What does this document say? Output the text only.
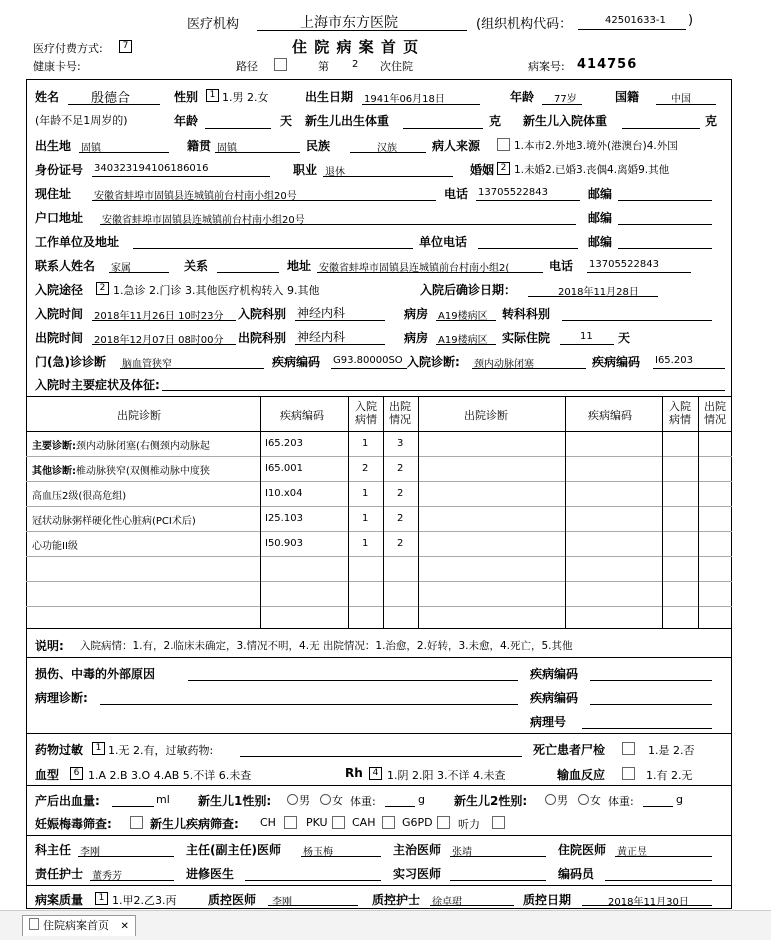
医疗机构	上海市东方医院	(组织机构代码：	42501633-1 )
住 院 病 案 首 页
医疗付费方式:	7
健康卡号:	路径	第 2 次住院	病案号: 414756
姓名 殷德合	性别	1 1.男 2.女	出生日期 1941年06月18日	年龄 77岁	国籍	中国
(年龄不足1周岁的)	年龄	天 新生儿出生体重	克 新生儿入院体重	克
出生地 固镇	籍贯 固镇	民族	汉族	病人来源	1.本市2.外地3.境外(港澳台)4.外国
身份证号 340323194106186016	职业 退休	婚姻 2 1.未婚2.已婚3.丧偶4.离婚9.其他
现住址 安徽省蚌埠市固镇县连城镇前台村南小组20号	电话 13705522843	邮编
户口地址 安徽省蚌埠市固镇县连城镇前台村南小组20号	邮编
工作单位及地址	单位电话	邮编
联系人姓名 家属	关系	地址 安徽省蚌埠市固镇县连城镇前台村南小组2(	电话 13705522843
入院途径	2 1.急诊 2.门诊 3.其他医疗机构转入 9.其他	入院后确诊日期：	2018年11月28日
入院时间 2018年11月26日 10时23分 入院科别 神经内科	病房 A19楼病区 转科科别
出院时间 2018年12月07日 08时00分 出院科别 神经内科	病房 A19楼病区 实际住院	11 天
门(急)诊诊断 脑血管狭窄	疾病编码 G93.80000SO 入院诊断: 颈内动脉闭塞	疾病编码 I65.203
入院时主要症状及体征:
出院诊断	疾病编码
入院病情
出院情况	出院诊断	疾病编码
入院病情
出院情况
主要诊断:颈内动脉闭塞(右侧颈内动脉起	I65.203	1	3
其他诊断:椎动脉狭窄(双侧椎动脉中度狭	I65.001	2	2
高血压2级(很高危组)	I10.x04	1	2
冠状动脉粥样硬化性心脏病(PCI术后)	I25.103	1	2
心功能II级	I50.903	1	2
说明: 入院病情：1.有，2.临床未确定，3.情况不明，4.无 出院情况：1.治愈，2.好转，3.未愈，4.死亡，5.其他
损伤、中毒的外部原因	疾病编码
病理诊断:	疾病编码
病理号
药物过敏	1 1.无 2.有，过敏药物:	死亡患者尸检	1.是 2.否
血型	6 1.A 2.B 3.O 4.AB 5.不详 6.未查	Rh	4 1.阴 2.阳 3.不详 4.未查	输血反应	1.有 2.无
产后出血量:	ml 新生儿1性别:	男	女 体重:	g 新生儿2性别:	男	女 体重:	g
妊娠梅毒筛查:	新生儿疾病筛查: CH	PKU CAH G6PD 听力
科主任 李刚	主任(副主任)医师 杨玉梅	主治医师 张靖	住院医师 黄正昱
责任护士 董秀芳	进修医生	实习医师	编码员
病案质量	1 1.甲2.乙3.丙	质控医师 李刚	质控护士 徐卓珺	质控日期	2018年11月30日
住院病案首页 ✕
